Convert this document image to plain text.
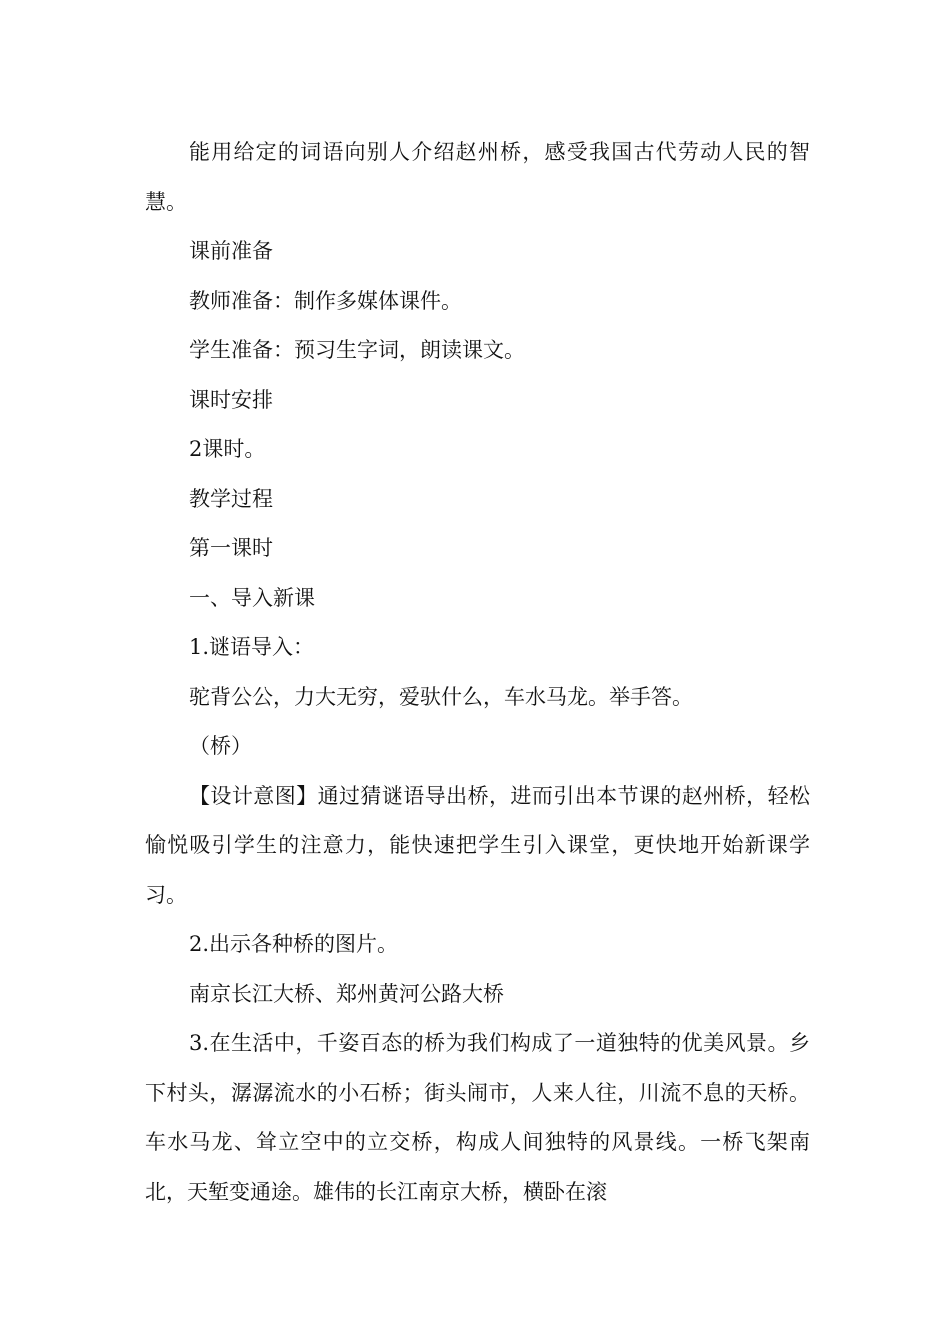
能用给定的词语向别人介绍赵州桥，感受我国古代劳动人民的智慧。

课前准备

教师准备：制作多媒体课件。

学生准备：预习生字词，朗读课文。

课时安排

2课时。

教学过程

第一课时

一、导入新课

1.谜语导入：

驼背公公，力大无穷，爱驮什么，车水马龙。举手答。

（桥）

【设计意图】通过猜谜语导出桥，进而引出本节课的赵州桥，轻松愉悦吸引学生的注意力，能快速把学生引入课堂，更快地开始新课学习。

2.出示各种桥的图片。

南京长江大桥、郑州黄河公路大桥

3.在生活中，千姿百态的桥为我们构成了一道独特的优美风景。乡下村头，潺潺流水的小石桥；街头闹市，人来人往，川流不息的天桥。车水马龙、耸立空中的立交桥，构成人间独特的风景线。一桥飞架南北，天堑变通途。雄伟的长江南京大桥，横卧在滚
